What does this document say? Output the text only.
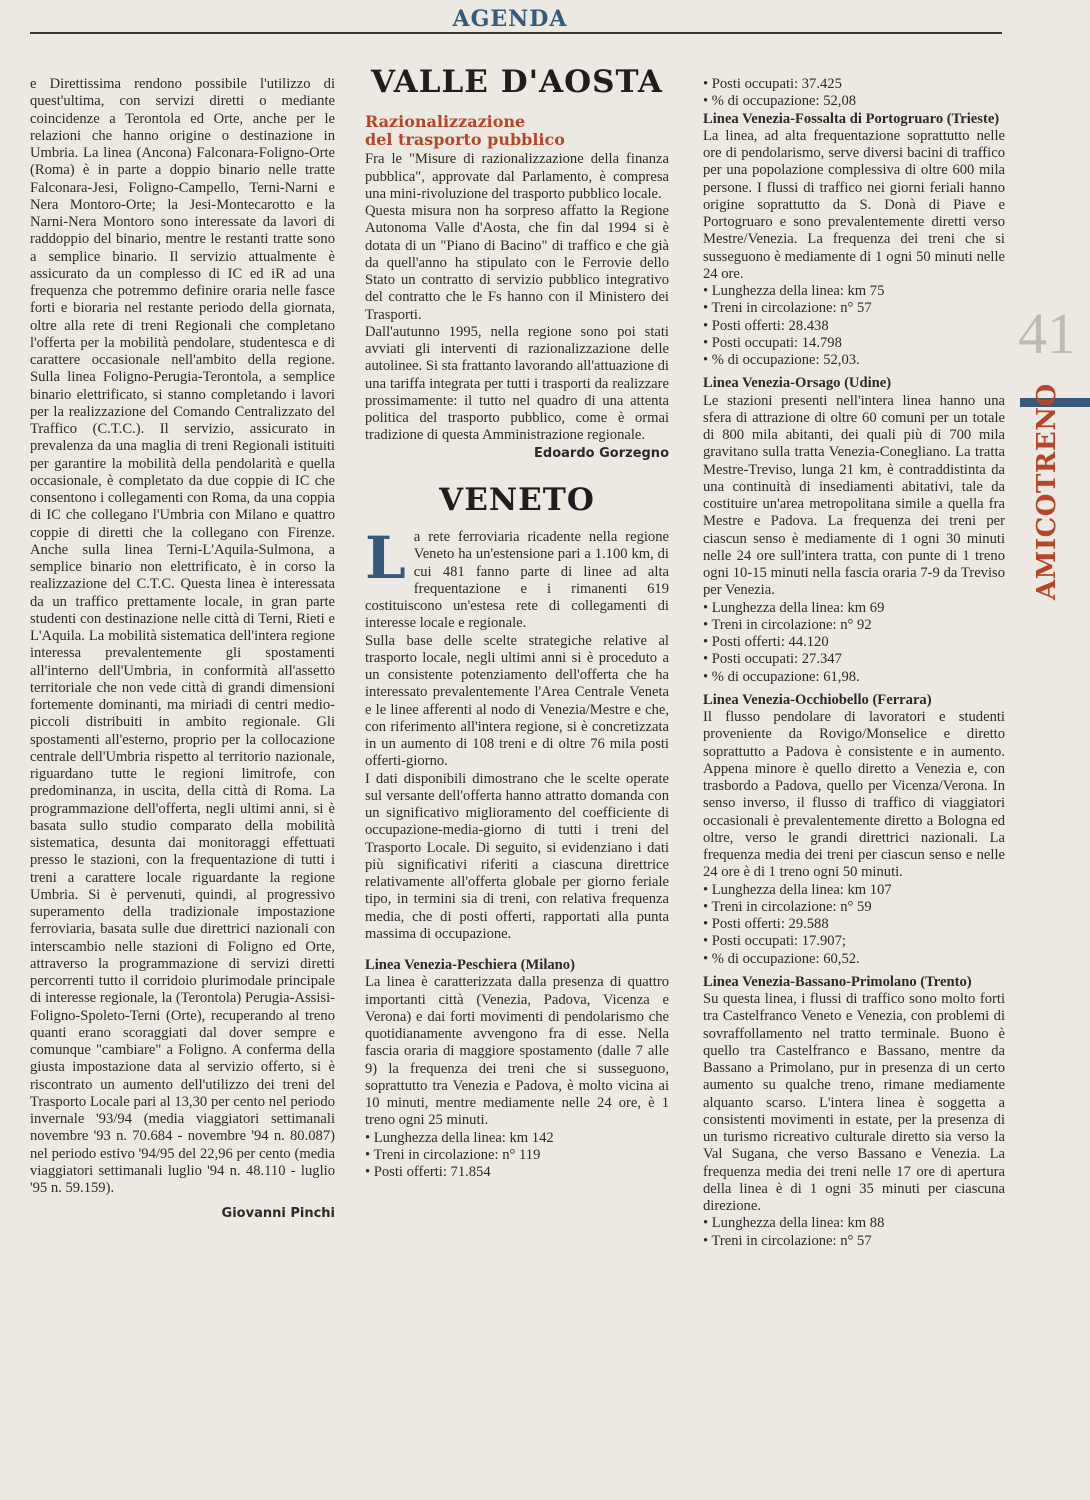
AGENDA
41
AMICOTRENO

e Direttissima rendono possibile l'utilizzo di quest'ultima, con servizi diretti o mediante coincidenze a Terontola ed Orte, anche per le relazioni che hanno origine o destinazione in Umbria. La linea (Ancona) Falconara-Foligno-Orte (Roma) è in parte a doppio binario nelle tratte Falconara-Jesi, Foligno-Campello, Terni-Narni e Nera Montoro-Orte; la Jesi-Montecarotto e la Narni-Nera Montoro sono interessate da lavori di raddoppio del binario, mentre le restanti tratte sono a semplice binario. Il servizio attualmente è assicurato da un complesso di IC ed iR ad una frequenza che potremmo definire oraria nelle fasce forti e bioraria nel restante periodo della giornata, oltre alla rete di treni Regionali che completano l'offerta per la mobilità pendolare, studentesca e di carattere occasionale nell'ambito della regione. Sulla linea Foligno-Perugia-Terontola, a semplice binario elettrificato, si stanno completando i lavori per la realizzazione del Comando Centralizzato del Traffico (C.T.C.). Il servizio, assicurato in prevalenza da una maglia di treni Regionali istituiti per garantire la mobilità della pendolarità e quella occasionale, è completato da due coppie di IC che consentono i collegamenti con Roma, da una coppia di IC che collegano l'Umbria con Milano e quattro coppie di diretti che la collegano con Firenze. Anche sulla linea Terni-L'Aquila-Sulmona, a semplice binario non elettrificato, è in corso la realizzazione del C.T.C. Questa linea è interessata da un traffico prettamente locale, in gran parte studenti con destinazione nelle città di Terni, Rieti e L'Aquila. La mobilità sistematica dell'intera regione interessa prevalentemente gli spostamenti all'interno dell'Umbria, in conformità all'assetto territoriale che non vede città di grandi dimensioni fortemente dominanti, ma miriadi di centri medio-piccoli distribuiti in ambito regionale. Gli spostamenti all'esterno, proprio per la collocazione centrale dell'Umbria rispetto al territorio nazionale, riguardano tutte le regioni limitrofe, con predominanza, in uscita, della città di Roma. La programmazione dell'offerta, negli ultimi anni, si è basata sullo studio comparato della mobilità sistematica, desunta dai monitoraggi effettuati presso le stazioni, con la frequentazione di tutti i treni a carattere locale riguardante la regione Umbria. Si è pervenuti, quindi, al progressivo superamento della tradizionale impostazione ferroviaria, basata sulle due direttrici nazionali con interscambio nelle stazioni di Foligno ed Orte, attraverso la programmazione di servizi diretti percorrenti tutto il corridoio plurimodale principale di interesse regionale, la (Terontola) Perugia-Assisi-Foligno-Spoleto-Terni (Orte), recuperando al treno quanti erano scoraggiati dal dover sempre e comunque "cambiare" a Foligno. A conferma della giusta impostazione data al servizio offerto, si è riscontrato un aumento dell'utilizzo dei treni del Trasporto Locale pari al 13,30 per cento nel periodo invernale '93/94 (media viaggiatori settimanali novembre '93 n. 70.684 - novembre '94 n. 80.087) nel periodo estivo '94/95 del 22,96 per cento (media viaggiatori settimanali luglio '94 n. 48.110 - luglio '95 n. 59.159).

Giovanni Pinchi
VALLE D'AOSTA
Razionalizzazione
del trasporto pubblico

Fra le "Misure di razionalizzazione della finanza pubblica", approvate dal Parlamento, è compresa una mini-rivoluzione del trasporto pubblico locale.

Questa misura non ha sorpreso affatto la Regione Autonoma Valle d'Aosta, che fin dal 1994 si è dotata di un "Piano di Bacino" di traffico e che già da quell'anno ha stipulato con le Ferrovie dello Stato un contratto di servizio pubblico integrativo del contratto che le Fs hanno con il Ministero dei Trasporti.

Dall'autunno 1995, nella regione sono poi stati avviati gli interventi di razionalizzazione delle autolinee. Si sta frattanto lavorando all'attuazione di una tariffa integrata per tutti i trasporti da realizzare prossimamente: il tutto nel quadro di una attenta politica del trasporto pubblico, come è ormai tradizione di questa Amministrazione regionale.

Edoardo Gorzegno
VENETO

La rete ferroviaria ricadente nella regione Veneto ha un'estensione pari a 1.100 km, di cui 481 fanno parte di linee ad alta frequentazione e i rimanenti 619 costituiscono un'estesa rete di collegamenti di interesse locale e regionale.

Sulla base delle scelte strategiche relative al trasporto locale, negli ultimi anni si è proceduto a un consistente potenziamento dell'offerta che ha interessato prevalentemente l'Area Centrale Veneta e le linee afferenti al nodo di Venezia/Mestre e che, con riferimento all'intera regione, si è concretizzata in un aumento di 108 treni e di oltre 76 mila posti offerti-giorno.

I dati disponibili dimostrano che le scelte operate sul versante dell'offerta hanno attratto domanda con un significativo miglioramento del coefficiente di occupazione-media-giorno di tutti i treni del Trasporto Locale. Di seguito, si evidenziano i dati più significativi riferiti a ciascuna direttrice relativamente all'offerta globale per giorno feriale tipo, in termini sia di treni, con relativa frequenza media, che di posti offerti, rapportati alla punta massima di occupazione.

Linea Venezia-Peschiera (Milano)

La linea è caratterizzata dalla presenza di quattro importanti città (Venezia, Padova, Vicenza e Verona) e dai forti movimenti di pendolarismo che quotidianamente avvengono fra di esse. Nella fascia oraria di maggiore spostamento (dalle 7 alle 9) la frequenza dei treni che si susseguono, soprattutto tra Venezia e Padova, è molto vicina ai 10 minuti, mentre mediamente nelle 24 ore, è 1 treno ogni 25 minuti.

• Lunghezza della linea: km 142
• Treni in circolazione: n° 119
• Posti offerti: 71.854
• Posti occupati: 37.425
• % di occupazione: 52,08
Linea Venezia-Fossalta di Portogruaro (Trieste)

La linea, ad alta frequentazione soprattutto nelle ore di pendolarismo, serve diversi bacini di traffico per una popolazione complessiva di oltre 600 mila persone. I flussi di traffico nei giorni feriali hanno origine soprattutto da S. Donà di Piave e Portogruaro e sono prevalentemente diretti verso Mestre/Venezia. La frequenza dei treni che si susseguono è mediamente di 1 ogni 50 minuti nelle 24 ore.

• Lunghezza della linea: km 75
• Treni in circolazione: n° 57
• Posti offerti: 28.438
• Posti occupati: 14.798
• % di occupazione: 52,03.
Linea Venezia-Orsago (Udine)

Le stazioni presenti nell'intera linea hanno una sfera di attrazione di oltre 60 comuni per un totale di 800 mila abitanti, dei quali più di 700 mila gravitano sulla tratta Venezia-Conegliano. La tratta Mestre-Treviso, lunga 21 km, è contraddistinta da una continuità di insediamenti abitativi, tale da costituire un'area metropolitana simile a quella fra Mestre e Padova. La frequenza dei treni per ciascun senso è mediamente di 1 ogni 30 minuti nelle 24 ore sull'intera tratta, con punte di 1 treno ogni 10-15 minuti nella fascia oraria 7-9 da Treviso per Venezia.

• Lunghezza della linea: km 69
• Treni in circolazione: n° 92
• Posti offerti: 44.120
• Posti occupati: 27.347
• % di occupazione: 61,98.
Linea Venezia-Occhiobello (Ferrara)

Il flusso pendolare di lavoratori e studenti proveniente da Rovigo/Monselice e diretto soprattutto a Padova è consistente e in aumento. Appena minore è quello diretto a Venezia e, con trasbordo a Padova, quello per Vicenza/Verona. In senso inverso, il flusso di traffico di viaggiatori occasionali è prevalentemente diretto a Bologna ed oltre, verso le grandi direttrici nazionali. La frequenza media dei treni per ciascun senso e nelle 24 ore è di 1 treno ogni 50 minuti.

• Lunghezza della linea: km 107
• Treni in circolazione: n° 59
• Posti offerti: 29.588
• Posti occupati: 17.907;
• % di occupazione: 60,52.
Linea Venezia-Bassano-Primolano (Trento)

Su questa linea, i flussi di traffico sono molto forti tra Castelfranco Veneto e Venezia, con problemi di sovraffollamento nel tratto terminale. Buono è quello tra Castelfranco e Bassano, mentre da Bassano a Primolano, pur in presenza di un certo aumento su qualche treno, rimane mediamente alquanto scarso. L'intera linea è soggetta a consistenti movimenti in estate, per la presenza di un turismo ricreativo culturale diretto sia verso la Val Sugana, che verso Bassano e Venezia. La frequenza media dei treni nelle 17 ore di apertura della linea è di 1 ogni 35 minuti per ciascuna direzione.

• Lunghezza della linea: km 88
• Treni in circolazione: n° 57
